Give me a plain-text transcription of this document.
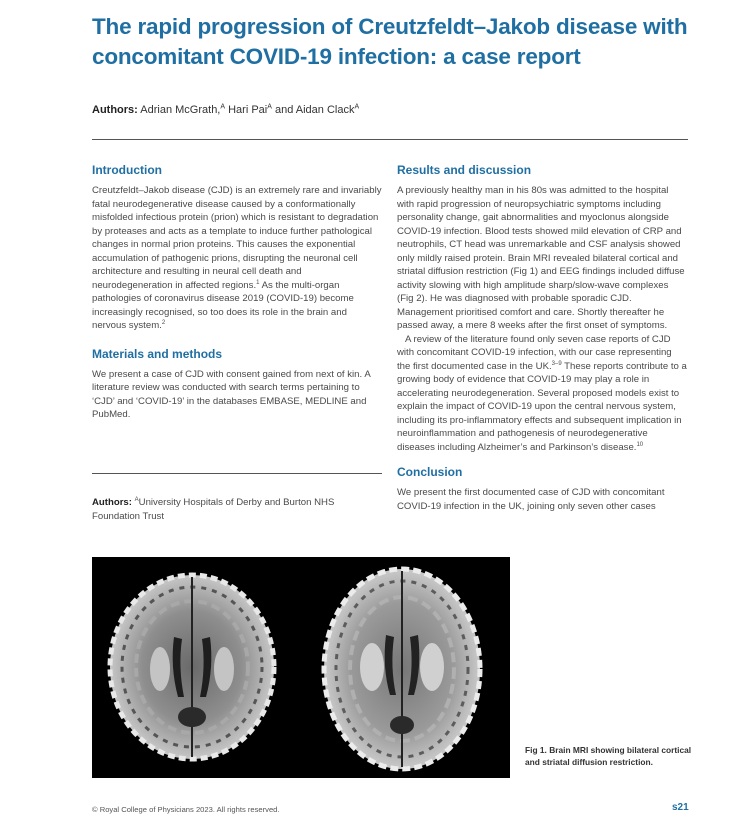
The rapid progression of Creutzfeldt–Jakob disease with concomitant COVID-19 infection: a case report
Authors: Adrian McGrath,$^A$ Hari Pai$^A$ and Aidan Clack$^A$
Introduction

Creutzfeldt–Jakob disease (CJD) is an extremely rare and invariably fatal neurodegenerative disease caused by a conformationally misfolded infectious protein (prion) which is resistant to degradation by proteases and acts as a template to induce further pathological changes in normal prion proteins. This causes the exponential accumulation of pathogenic prions, disrupting the neuronal cell architecture and resulting in neural cell death and neurodegeneration in affected regions.$^1$ As the multi-organ pathologies of coronavirus disease 2019 (COVID-19) become increasingly recognised, so too does its role in the brain and nervous system.$^2$

Materials and methods

We present a case of CJD with consent gained from next of kin. A literature review was conducted with search terms pertaining to ‘CJD’ and ‘COVID-19’ in the databases EMBASE, MEDLINE and PubMed.

Authors: $^A$University Hospitals of Derby and Burton NHS Foundation Trust
Results and discussion

A previously healthy man in his 80s was admitted to the hospital with rapid progression of neuropsychiatric symptoms including personality change, gait abnormalities and myoclonus alongside COVID-19 infection. Blood tests showed mild elevation of CRP and neutrophils, CT head was unremarkable and CSF analysis showed only mildly raised protein. Brain MRI revealed bilateral cortical and striatal diffusion restriction (Fig 1) and EEG findings included diffuse activity slowing with high amplitude sharp/slow-wave complexes (Fig 2). He was diagnosed with probable sporadic CJD. Management prioritised comfort and care. Shortly thereafter he passed away, a mere 8 weeks after the first onset of symptoms.

A review of the literature found only seven case reports of CJD with concomitant COVID-19 infection, with our case representing the first documented case in the UK.$^{3-9}$ These reports contribute to a growing body of evidence that COVID-19 may play a role in accelerating neurodegeneration. Several proposed models exist to explain the impact of COVID-19 upon the central nervous system, including its pro-inflammatory effects and subsequent implication in neuroinflammation and pathogenesis of neurodegenerative diseases including Alzheimer’s and Parkinson’s disease.$^{10}$

Conclusion

We present the first documented case of CJD with concomitant COVID-19 infection in the UK, joining only seven other cases

Fig 1. Brain MRI showing bilateral cortical and striatal diffusion restriction.
© Royal College of Physicians 2023. All rights reserved.	s21
